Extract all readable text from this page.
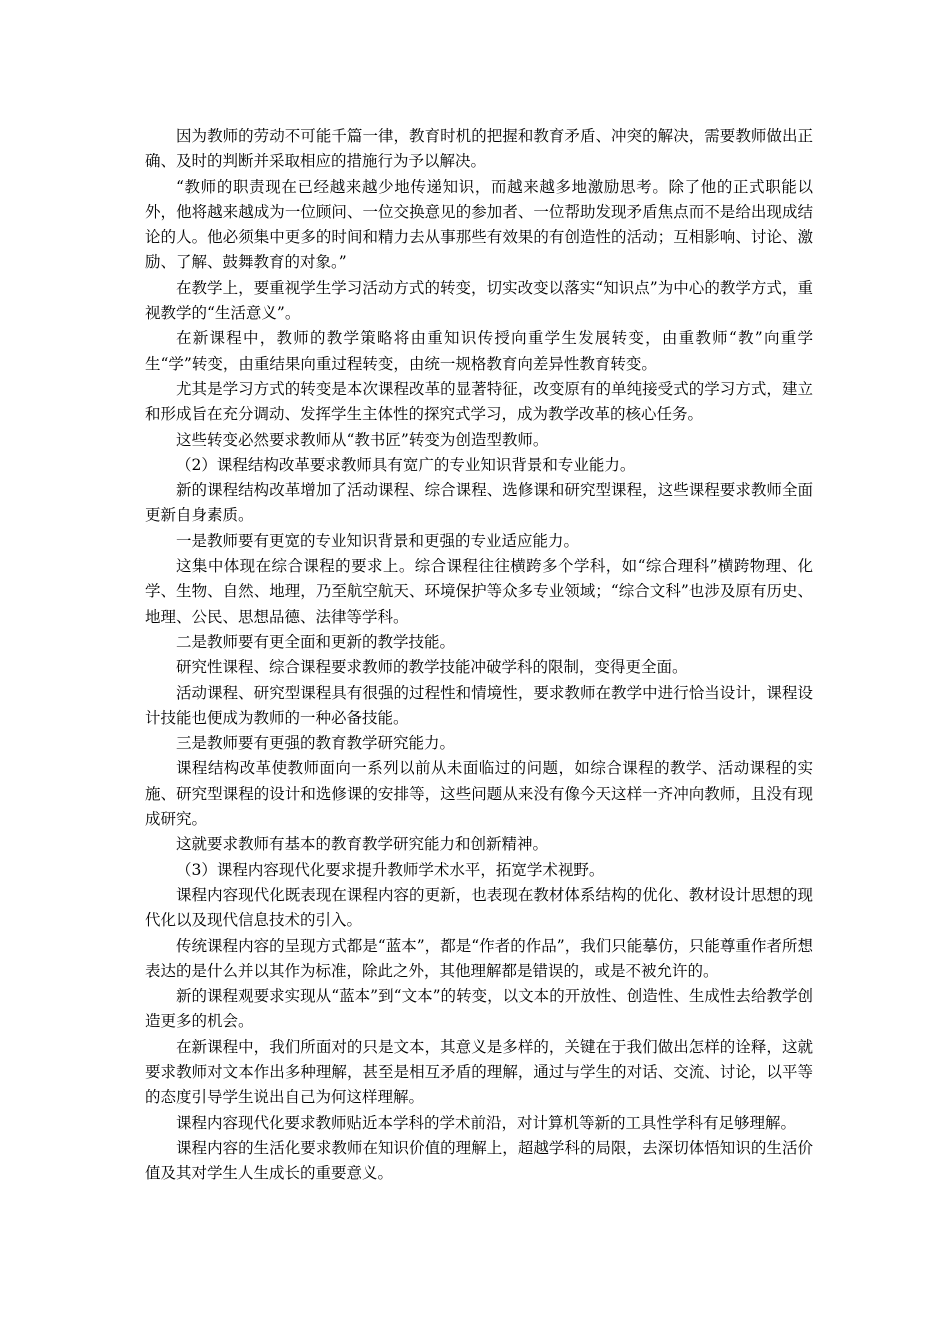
因为教师的劳动不可能千篇一律，教育时机的把握和教育矛盾、冲突的解决，需要教师做出正确、及时的判断并采取相应的措施行为予以解决。

“教师的职责现在已经越来越少地传递知识，而越来越多地激励思考。除了他的正式职能以外，他将越来越成为一位顾问、一位交换意见的参加者、一位帮助发现矛盾焦点而不是给出现成结论的人。他必须集中更多的时间和精力去从事那些有效果的有创造性的活动；互相影响、讨论、激励、了解、鼓舞教育的对象。”

在教学上，要重视学生学习活动方式的转变，切实改变以落实“知识点”为中心的教学方式，重视教学的“生活意义”。

在新课程中，教师的教学策略将由重知识传授向重学生发展转变，由重教师“教”向重学生“学”转变，由重结果向重过程转变，由统一规格教育向差异性教育转变。

尤其是学习方式的转变是本次课程改革的显著特征，改变原有的单纯接受式的学习方式，建立和形成旨在充分调动、发挥学生主体性的探究式学习，成为教学改革的核心任务。

这些转变必然要求教师从“教书匠”转变为创造型教师。

（2）课程结构改革要求教师具有宽广的专业知识背景和专业能力。

新的课程结构改革增加了活动课程、综合课程、选修课和研究型课程，这些课程要求教师全面更新自身素质。

一是教师要有更宽的专业知识背景和更强的专业适应能力。

这集中体现在综合课程的要求上。综合课程往往横跨多个学科，如“综合理科”横跨物理、化学、生物、自然、地理，乃至航空航天、环境保护等众多专业领域；“综合文科”也涉及原有历史、地理、公民、思想品德、法律等学科。

二是教师要有更全面和更新的教学技能。

研究性课程、综合课程要求教师的教学技能冲破学科的限制，变得更全面。

活动课程、研究型课程具有很强的过程性和情境性，要求教师在教学中进行恰当设计，课程设计技能也便成为教师的一种必备技能。

三是教师要有更强的教育教学研究能力。

课程结构改革使教师面向一系列以前从未面临过的问题，如综合课程的教学、活动课程的实施、研究型课程的设计和选修课的安排等，这些问题从来没有像今天这样一齐冲向教师，且没有现成研究。

这就要求教师有基本的教育教学研究能力和创新精神。

（3）课程内容现代化要求提升教师学术水平，拓宽学术视野。

课程内容现代化既表现在课程内容的更新，也表现在教材体系结构的优化、教材设计思想的现代化以及现代信息技术的引入。

传统课程内容的呈现方式都是“蓝本”，都是“作者的作品”，我们只能摹仿，只能尊重作者所想表达的是什么并以其作为标准，除此之外，其他理解都是错误的，或是不被允许的。

新的课程观要求实现从“蓝本”到“文本”的转变，以文本的开放性、创造性、生成性去给教学创造更多的机会。

在新课程中，我们所面对的只是文本，其意义是多样的，关键在于我们做出怎样的诠释，这就要求教师对文本作出多种理解，甚至是相互矛盾的理解，通过与学生的对话、交流、讨论，以平等的态度引导学生说出自己为何这样理解。

课程内容现代化要求教师贴近本学科的学术前沿，对计算机等新的工具性学科有足够理解。

课程内容的生活化要求教师在知识价值的理解上，超越学科的局限，去深切体悟知识的生活价值及其对学生人生成长的重要意义。
